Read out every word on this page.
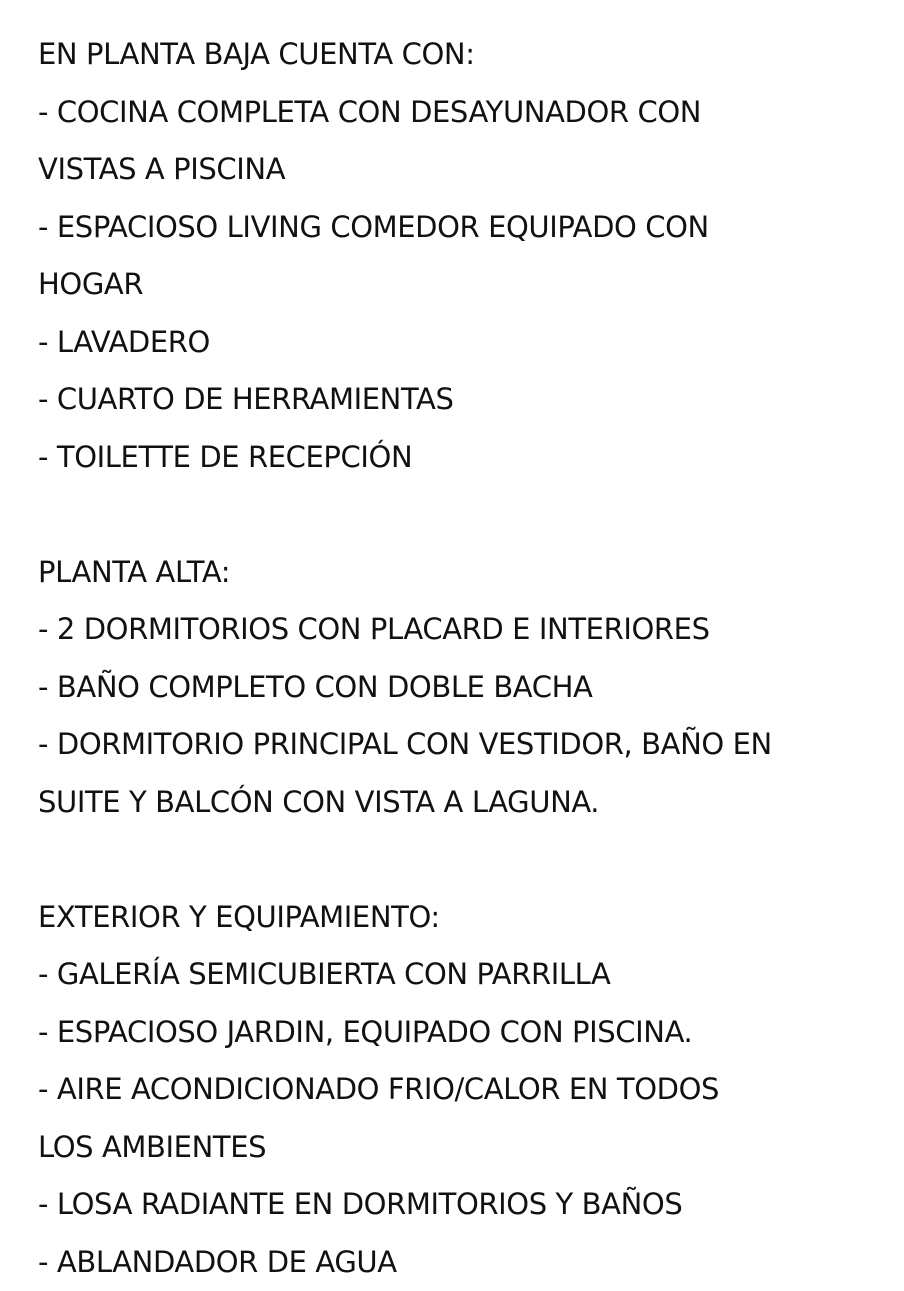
EN PLANTA BAJA CUENTA CON:
- COCINA COMPLETA CON DESAYUNADOR CON
VISTAS A PISCINA
- ESPACIOSO LIVING COMEDOR EQUIPADO CON
HOGAR
- LAVADERO
- CUARTO DE HERRAMIENTAS
- TOILETTE DE RECEPCIÓN
PLANTA ALTA:
- 2 DORMITORIOS CON PLACARD E INTERIORES
- BAÑO COMPLETO CON DOBLE BACHA
- DORMITORIO PRINCIPAL CON VESTIDOR, BAÑO EN
SUITE Y BALCÓN CON VISTA A LAGUNA.
EXTERIOR Y EQUIPAMIENTO:
- GALERÍA SEMICUBIERTA CON PARRILLA
- ESPACIOSO JARDIN, EQUIPADO CON PISCINA.
- AIRE ACONDICIONADO FRIO/CALOR EN TODOS
LOS AMBIENTES
- LOSA RADIANTE EN DORMITORIOS Y BAÑOS
- ABLANDADOR DE AGUA
